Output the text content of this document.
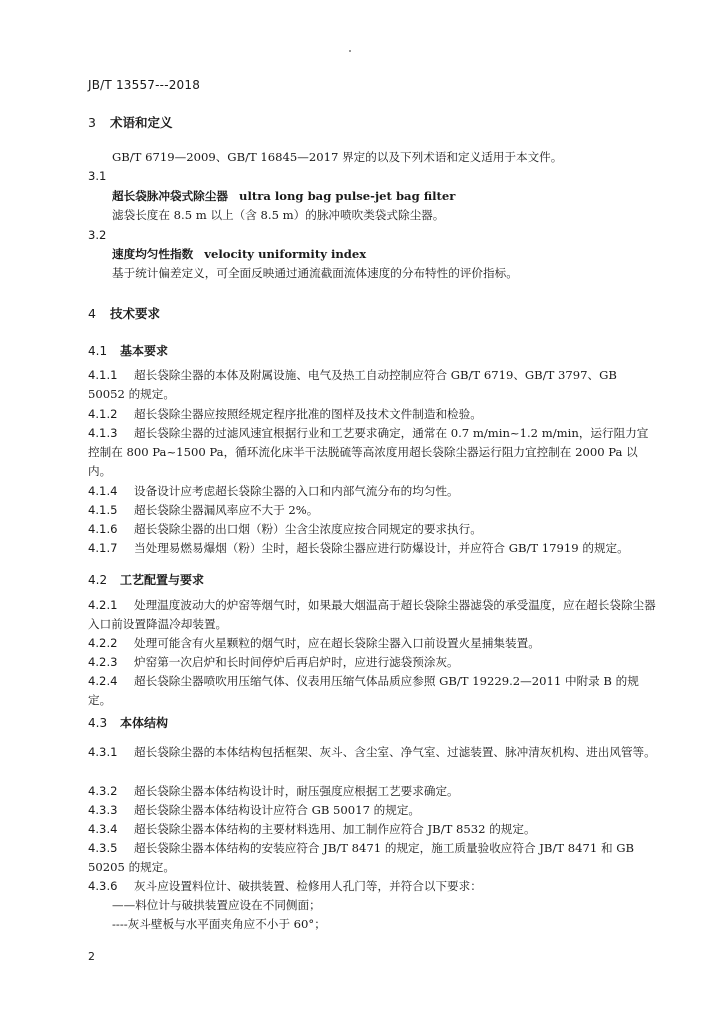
JB/T 13557---2018
3 术语和定义
GB/T 6719—2009、GB/T 16845—2017 界定的以及下列术语和定义适用于本文件。
3.1
超长袋脉冲袋式除尘器 ultra long bag pulse-jet bag filter
滤袋长度在 8.5 m 以上（含 8.5 m）的脉冲喷吹类袋式除尘器。
3.2
速度均匀性指数 velocity uniformity index
基于统计偏差定义，可全面反映通过通流截面流体速度的分布特性的评价指标。
4 技术要求
4.1 基本要求
4.1.1 超长袋除尘器的本体及附属设施、电气及热工自动控制应符合 GB/T 6719、GB/T 3797、GB 50052 的规定。
4.1.2 超长袋除尘器应按照经规定程序批准的图样及技术文件制造和检验。
4.1.3 超长袋除尘器的过滤风速宜根据行业和工艺要求确定，通常在 0.7 m/min~1.2 m/min，运行阻力宜控制在 800 Pa~1500 Pa，循环流化床半干法脱硫等高浓度用超长袋除尘器运行阻力宜控制在 2000 Pa 以内。
4.1.4 设备设计应考虑超长袋除尘器的入口和内部气流分布的均匀性。
4.1.5 超长袋除尘器漏风率应不大于 2%。
4.1.6 超长袋除尘器的出口烟（粉）尘含尘浓度应按合同规定的要求执行。
4.1.7 当处理易燃易爆烟（粉）尘时，超长袋除尘器应进行防爆设计，并应符合 GB/T 17919 的规定。
4.2 工艺配置与要求
4.2.1 处理温度波动大的炉窑等烟气时，如果最大烟温高于超长袋除尘器滤袋的承受温度，应在超长袋除尘器入口前设置降温冷却装置。
4.2.2 处理可能含有火星颗粒的烟气时，应在超长袋除尘器入口前设置火星捕集装置。
4.2.3 炉窑第一次启炉和长时间停炉后再启炉时，应进行滤袋预涂灰。
4.2.4 超长袋除尘器喷吹用压缩气体、仪表用压缩气体品质应参照 GB/T 19229.2—2011 中附录 B 的规定。
4.3 本体结构
4.3.1 超长袋除尘器的本体结构包括框架、灰斗、含尘室、净气室、过滤装置、脉冲清灰机构、进出风管等。
4.3.2 超长袋除尘器本体结构设计时，耐压强度应根据工艺要求确定。
4.3.3 超长袋除尘器本体结构设计应符合 GB 50017 的规定。
4.3.4 超长袋除尘器本体结构的主要材料选用、加工制作应符合 JB/T 8532 的规定。
4.3.5 超长袋除尘器本体结构的安装应符合 JB/T 8471 的规定，施工质量验收应符合 JB/T 8471 和 GB 50205 的规定。
4.3.6 灰斗应设置料位计、破拱装置、检修用人孔门等，并符合以下要求：
——料位计与破拱装置应设在不同侧面；
----灰斗壁板与水平面夹角应不小于 60°；
2
